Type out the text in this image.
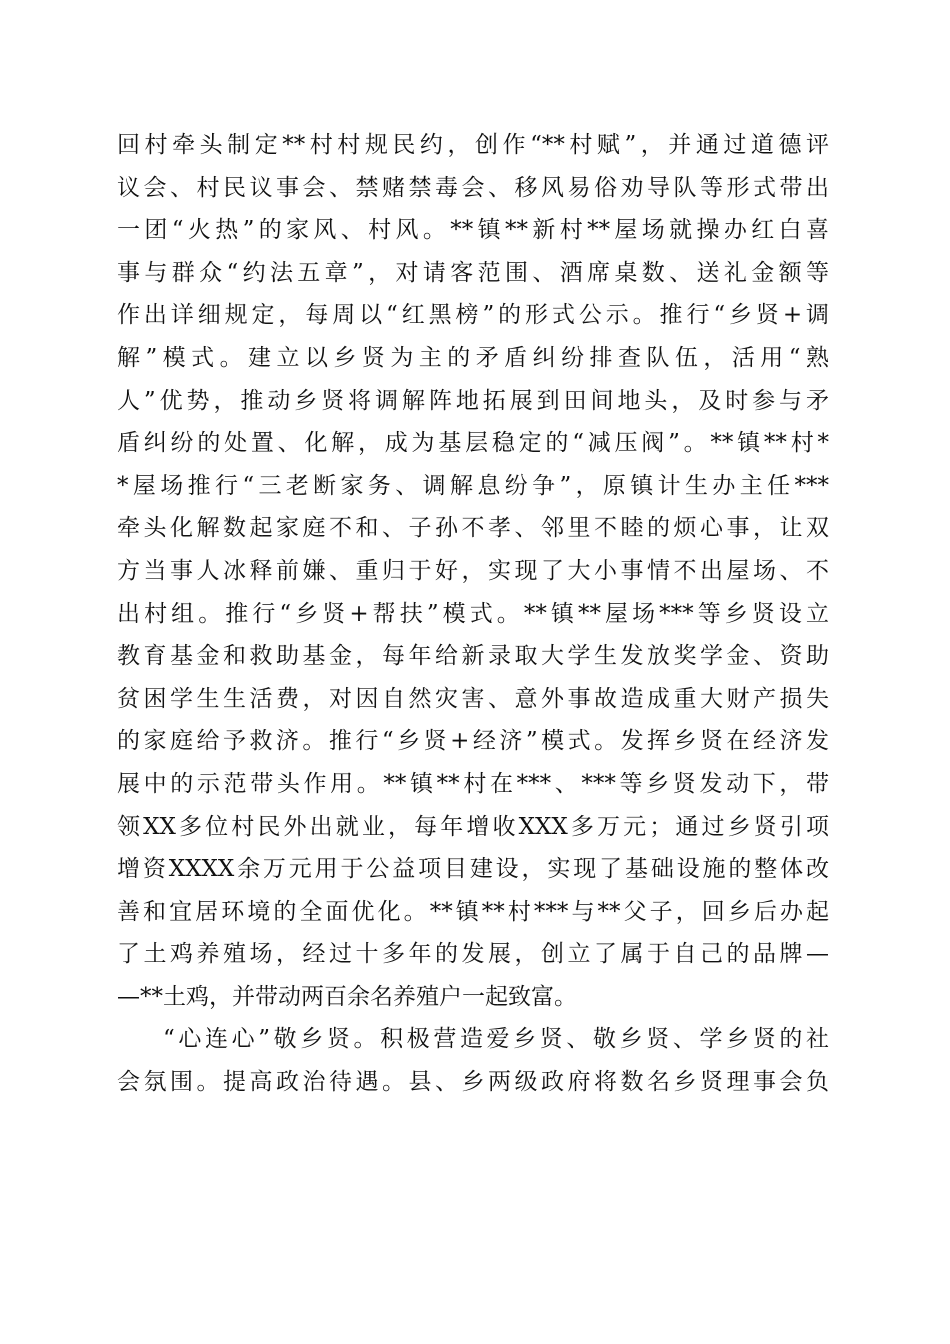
回村牵头制定**村村规民约，创作“**村赋”，并通过道德评
议会、村民议事会、禁赌禁毒会、移风易俗劝导队等形式带出
一团“火热”的家风、村风。**镇**新村**屋场就操办红白喜
事与群众“约法五章”，对请客范围、酒席桌数、送礼金额等
作出详细规定，每周以“红黑榜”的形式公示。推行“乡贤+调
解”模式。建立以乡贤为主的矛盾纠纷排查队伍，活用“熟
人”优势，推动乡贤将调解阵地拓展到田间地头，及时参与矛
盾纠纷的处置、化解，成为基层稳定的“减压阀”。**镇**村*
*屋场推行“三老断家务、调解息纷争”，原镇计生办主任***
牵头化解数起家庭不和、子孙不孝、邻里不睦的烦心事，让双
方当事人冰释前嫌、重归于好，实现了大小事情不出屋场、不
出村组。推行“乡贤+帮扶”模式。**镇**屋场***等乡贤设立
教育基金和救助基金，每年给新录取大学生发放奖学金、资助
贫困学生生活费，对因自然灾害、意外事故造成重大财产损失
的家庭给予救济。推行“乡贤+经济”模式。发挥乡贤在经济发
展中的示范带头作用。**镇**村在***、***等乡贤发动下，带
领XX多位村民外出就业，每年增收XXX多万元；通过乡贤引项
增资XXXX余万元用于公益项目建设，实现了基础设施的整体改
善和宜居环境的全面优化。**镇**村***与**父子，回乡后办起
了土鸡养殖场，经过十多年的发展，创立了属于自己的品牌—
—**土鸡，并带动两百余名养殖户一起致富。
“心连心”敬乡贤。积极营造爱乡贤、敬乡贤、学乡贤的社
会氛围。提高政治待遇。县、乡两级政府将数名乡贤理事会负
